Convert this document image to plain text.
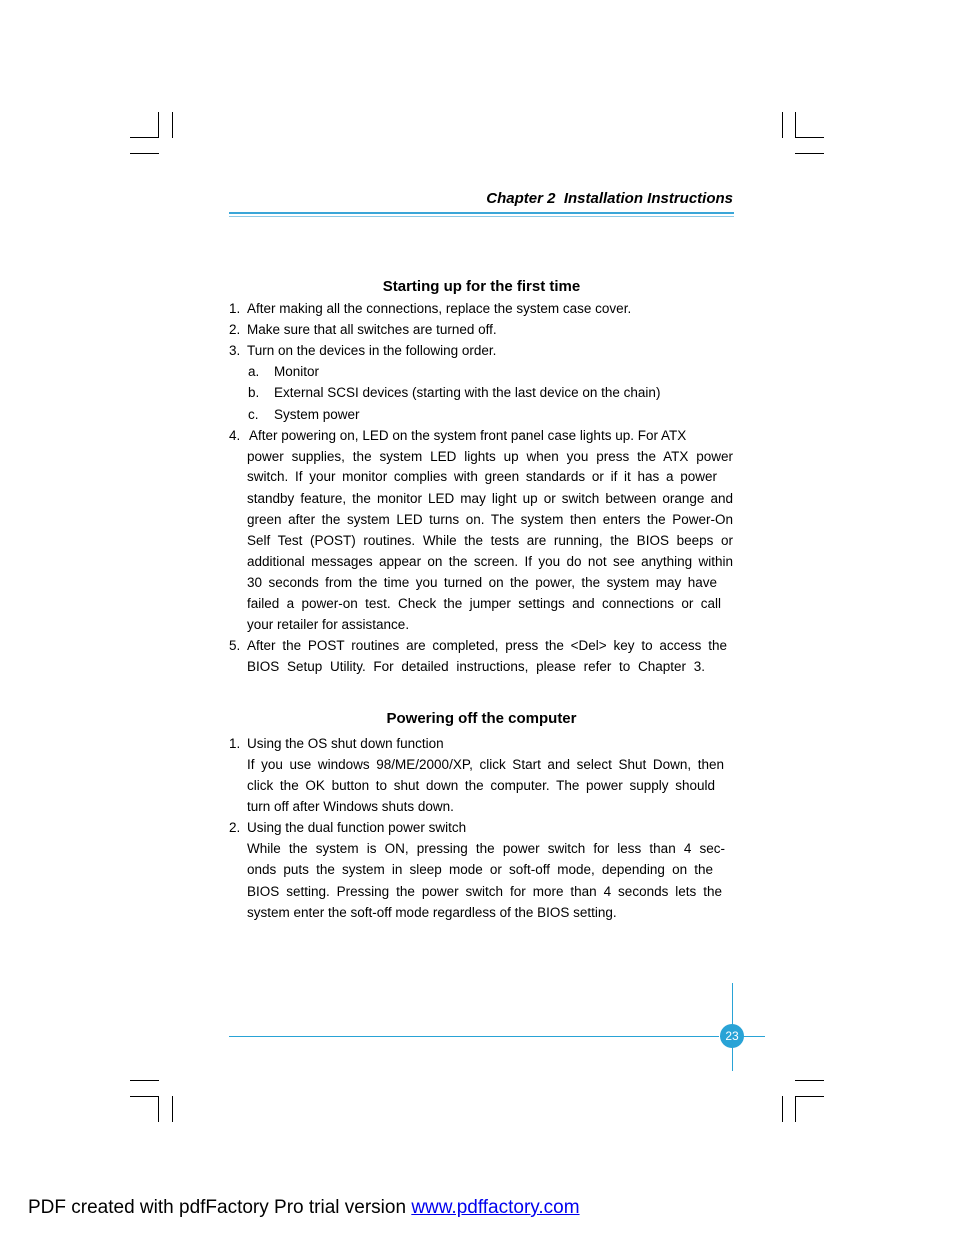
Chapter 2  Installation Instructions
Starting up for the first time
1. After making all the connections, replace the system case cover.
2. Make sure that all switches are turned off.
3. Turn on the devices in the following order.
a. Monitor
b. External SCSI devices (starting with the last device on the chain)
c. System power
4. After powering on, LED on the system front panel case lights up. For ATX
power supplies, the system LED lights up when you press the ATX power
switch. If your monitor complies with green standards or if it has a power
standby feature, the monitor LED may light up or switch between orange and
green after the system LED turns on. The system then enters the Power-On
Self Test (POST) routines. While the tests are running, the BIOS beeps or
additional messages appear on the screen. If you do not see anything within
30 seconds from the time you turned on the power, the system may have
failed a power-on test. Check the jumper settings and connections or call
your retailer for assistance.
5. After the POST routines are completed, press the <Del> key to access the
BIOS Setup Utility. For detailed instructions, please refer to Chapter 3.
Powering off the computer
1. Using the OS shut down function
If you use windows 98/ME/2000/XP, click Start and select Shut Down, then
click the OK button to shut down the computer. The power supply should
turn off after Windows shuts down.
2. Using the dual function power switch
While the system is ON, pressing the power switch for less than 4 sec-
onds puts the system in sleep mode or soft-off mode, depending on the
BIOS setting. Pressing the power switch for more than 4 seconds lets the
system enter the soft-off mode regardless of the BIOS setting.
23
PDF created with pdfFactory Pro trial version www.pdffactory.com
